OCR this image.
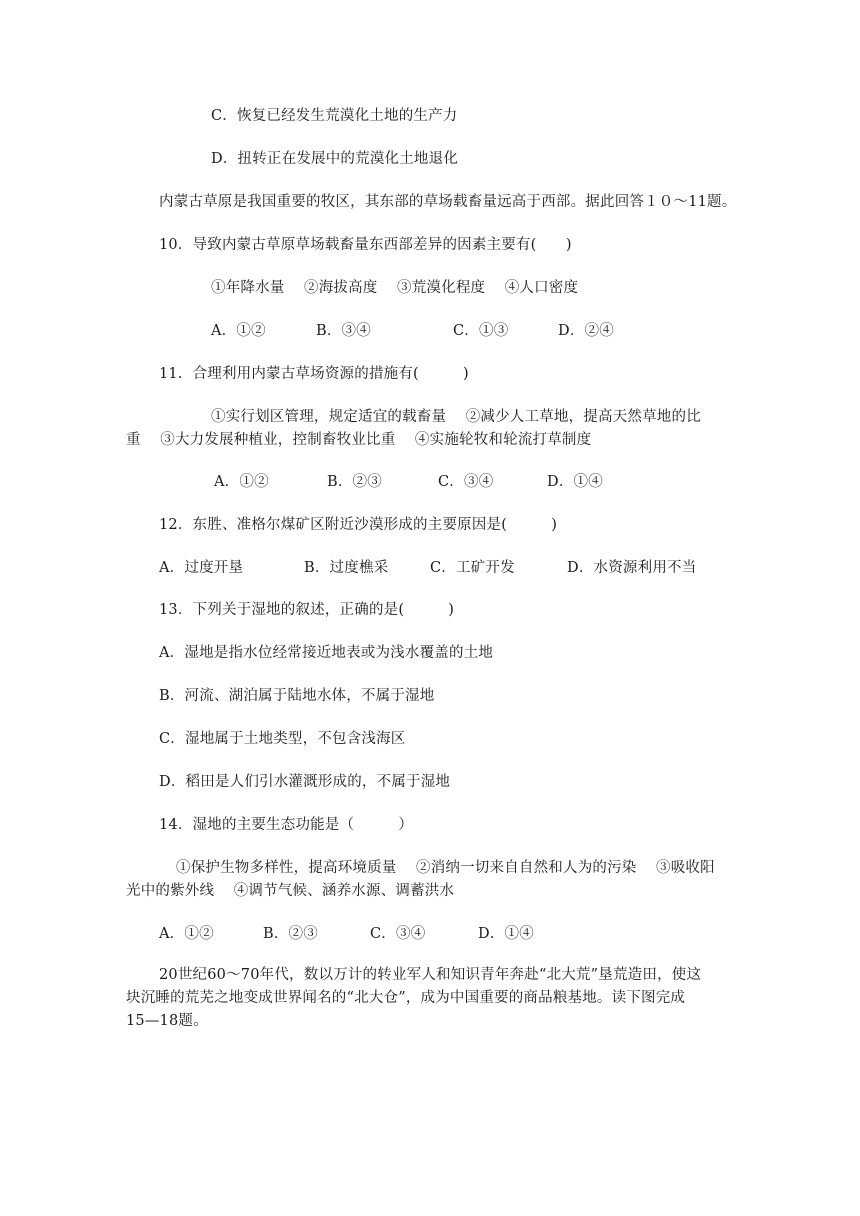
C．恢复已经发生荒漠化土地的生产力
D．扭转正在发展中的荒漠化土地退化
内蒙古草原是我国重要的牧区，其东部的草场载畜量远高于西部。据此回答１０～11题。
10．导致内蒙古草原草场载畜量东西部差异的因素主要有(　　)
①年降水量　 ②海拔高度　 ③荒漠化程度　 ④人口密度
A．①②	B．③④	C．①③	D．②④
11．合理利用内蒙古草场资源的措施有(　　　)
①实行划区管理，规定适宜的载畜量　 ②减少人工草地，提高天然草地的比
重　 ③大力发展种植业，控制畜牧业比重　 ④实施轮牧和轮流打草制度
A．①②	B．②③	C．③④	D．①④
12．东胜、准格尔煤矿区附近沙漠形成的主要原因是(　　　)
A．过度开垦	B．过度樵采	C．工矿开发	D．水资源利用不当
13．下列关于湿地的叙述，正确的是(　　　)
A．湿地是指水位经常接近地表或为浅水覆盖的土地
B．河流、湖泊属于陆地水体，不属于湿地
C．湿地属于土地类型，不包含浅海区
D．稻田是人们引水灌溉形成的，不属于湿地
14．湿地的主要生态功能是（　　　）
①保护生物多样性，提高环境质量　 ②消纳一切来自自然和人为的污染　 ③吸收阳
光中的紫外线　 ④调节气候、涵养水源、调蓄洪水
A．①②	B．②③	C．③④	D．①④
20世纪60～70年代，数以万计的转业军人和知识青年奔赴“北大荒”垦荒造田，使这
块沉睡的荒芜之地变成世界闻名的“北大仓”，成为中国重要的商品粮基地。读下图完成
15—18题。
